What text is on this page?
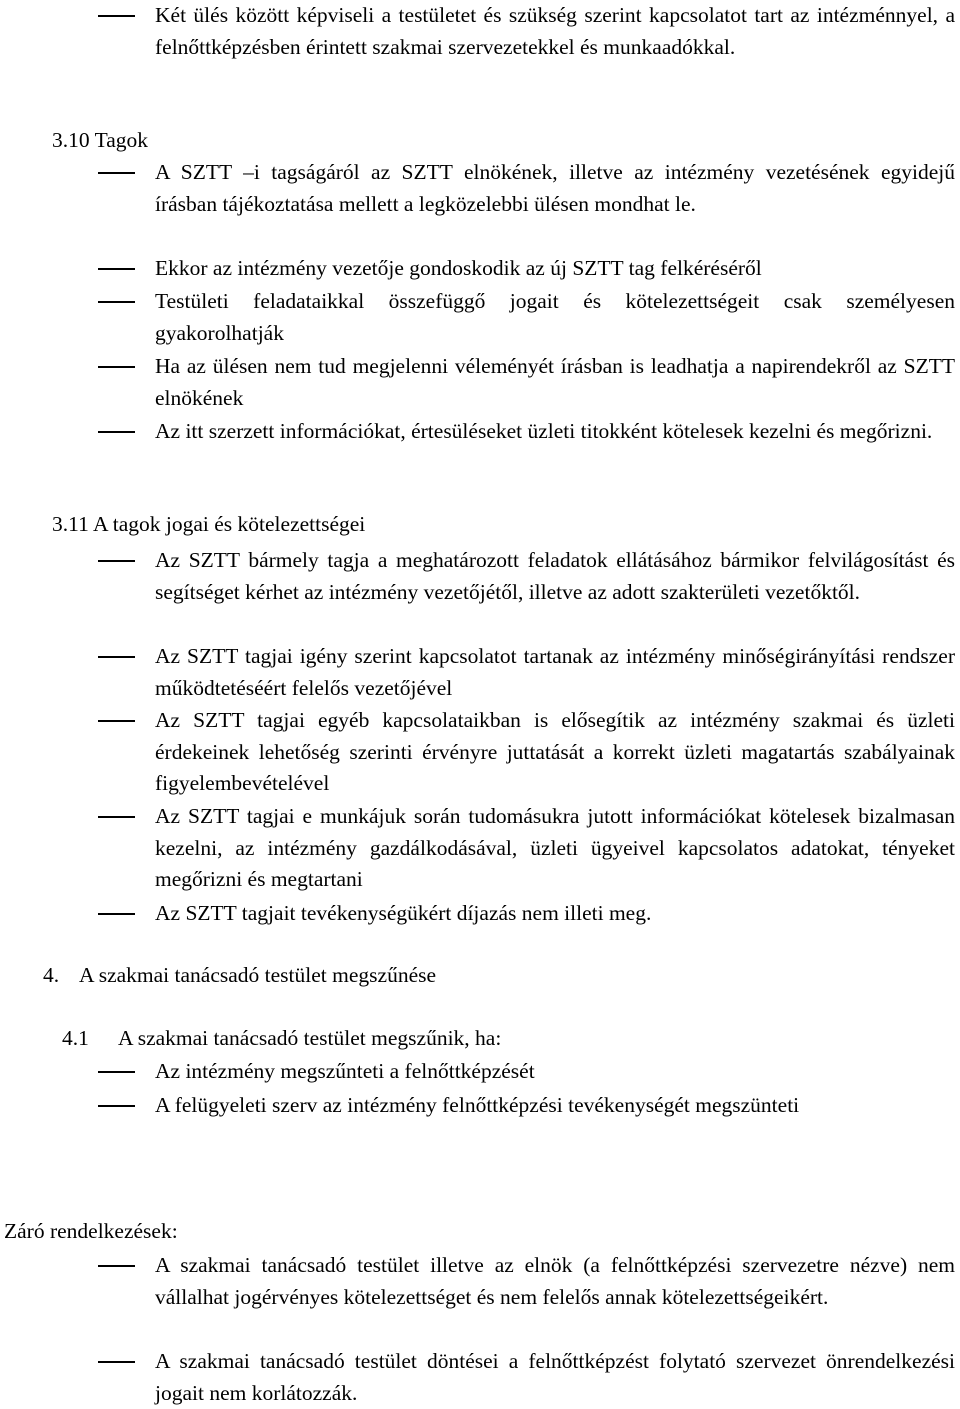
Két ülés között képviseli a testületet és szükség szerint kapcsolatot tart az intézménnyel, a felnőttképzésben érintett szakmai szervezetekkel és munkaadókkal.
3.10 Tagok
A SZTT –i tagságáról az SZTT elnökének, illetve az intézmény vezetésének egyidejű írásban tájékoztatása mellett a legközelebbi ülésen mondhat le.
Ekkor az intézmény vezetője gondoskodik az új SZTT tag felkéréséről
Testületi feladataikkal összefüggő jogait és kötelezettségeit csak személyesen gyakorolhatják
Ha az ülésen nem tud megjelenni véleményét írásban is leadhatja a napirendekről az SZTT elnökének
Az itt szerzett információkat, értesüléseket üzleti titokként kötelesek kezelni és megőrizni.
3.11 A tagok jogai és kötelezettségei
Az SZTT bármely tagja a meghatározott feladatok ellátásához bármikor felvilágosítást és segítséget kérhet az intézmény vezetőjétől, illetve az adott szakterületi vezetőktől.
Az SZTT tagjai igény szerint kapcsolatot tartanak az intézmény minőségirányítási rendszer működtetéséért felelős vezetőjével
Az SZTT tagjai egyéb kapcsolataikban is elősegítik az intézmény szakmai és üzleti érdekeinek lehetőség szerinti érvényre juttatását a korrekt üzleti magatartás szabályainak figyelembevételével
Az SZTT tagjai e munkájuk során tudomásukra jutott információkat kötelesek bizalmasan kezelni, az intézmény gazdálkodásával, üzleti ügyeivel kapcsolatos adatokat, tényeket megőrizni és megtartani
Az SZTT tagjait tevékenységükért díjazás nem illeti meg.
4. A szakmai tanácsadó testület megszűnése
4.1 A szakmai tanácsadó testület megszűnik, ha:
Az intézmény megszűnteti a felnőttképzését
A felügyeleti szerv az intézmény felnőttképzési tevékenységét megszünteti
Záró rendelkezések:
A szakmai tanácsadó testület illetve az elnök (a felnőttképzési szervezetre nézve) nem vállalhat jogérvényes kötelezettséget és nem felelős annak kötelezettségeikért.
A szakmai tanácsadó testület döntései a felnőttképzést folytató szervezet önrendelkezési jogait nem korlátozzák.
